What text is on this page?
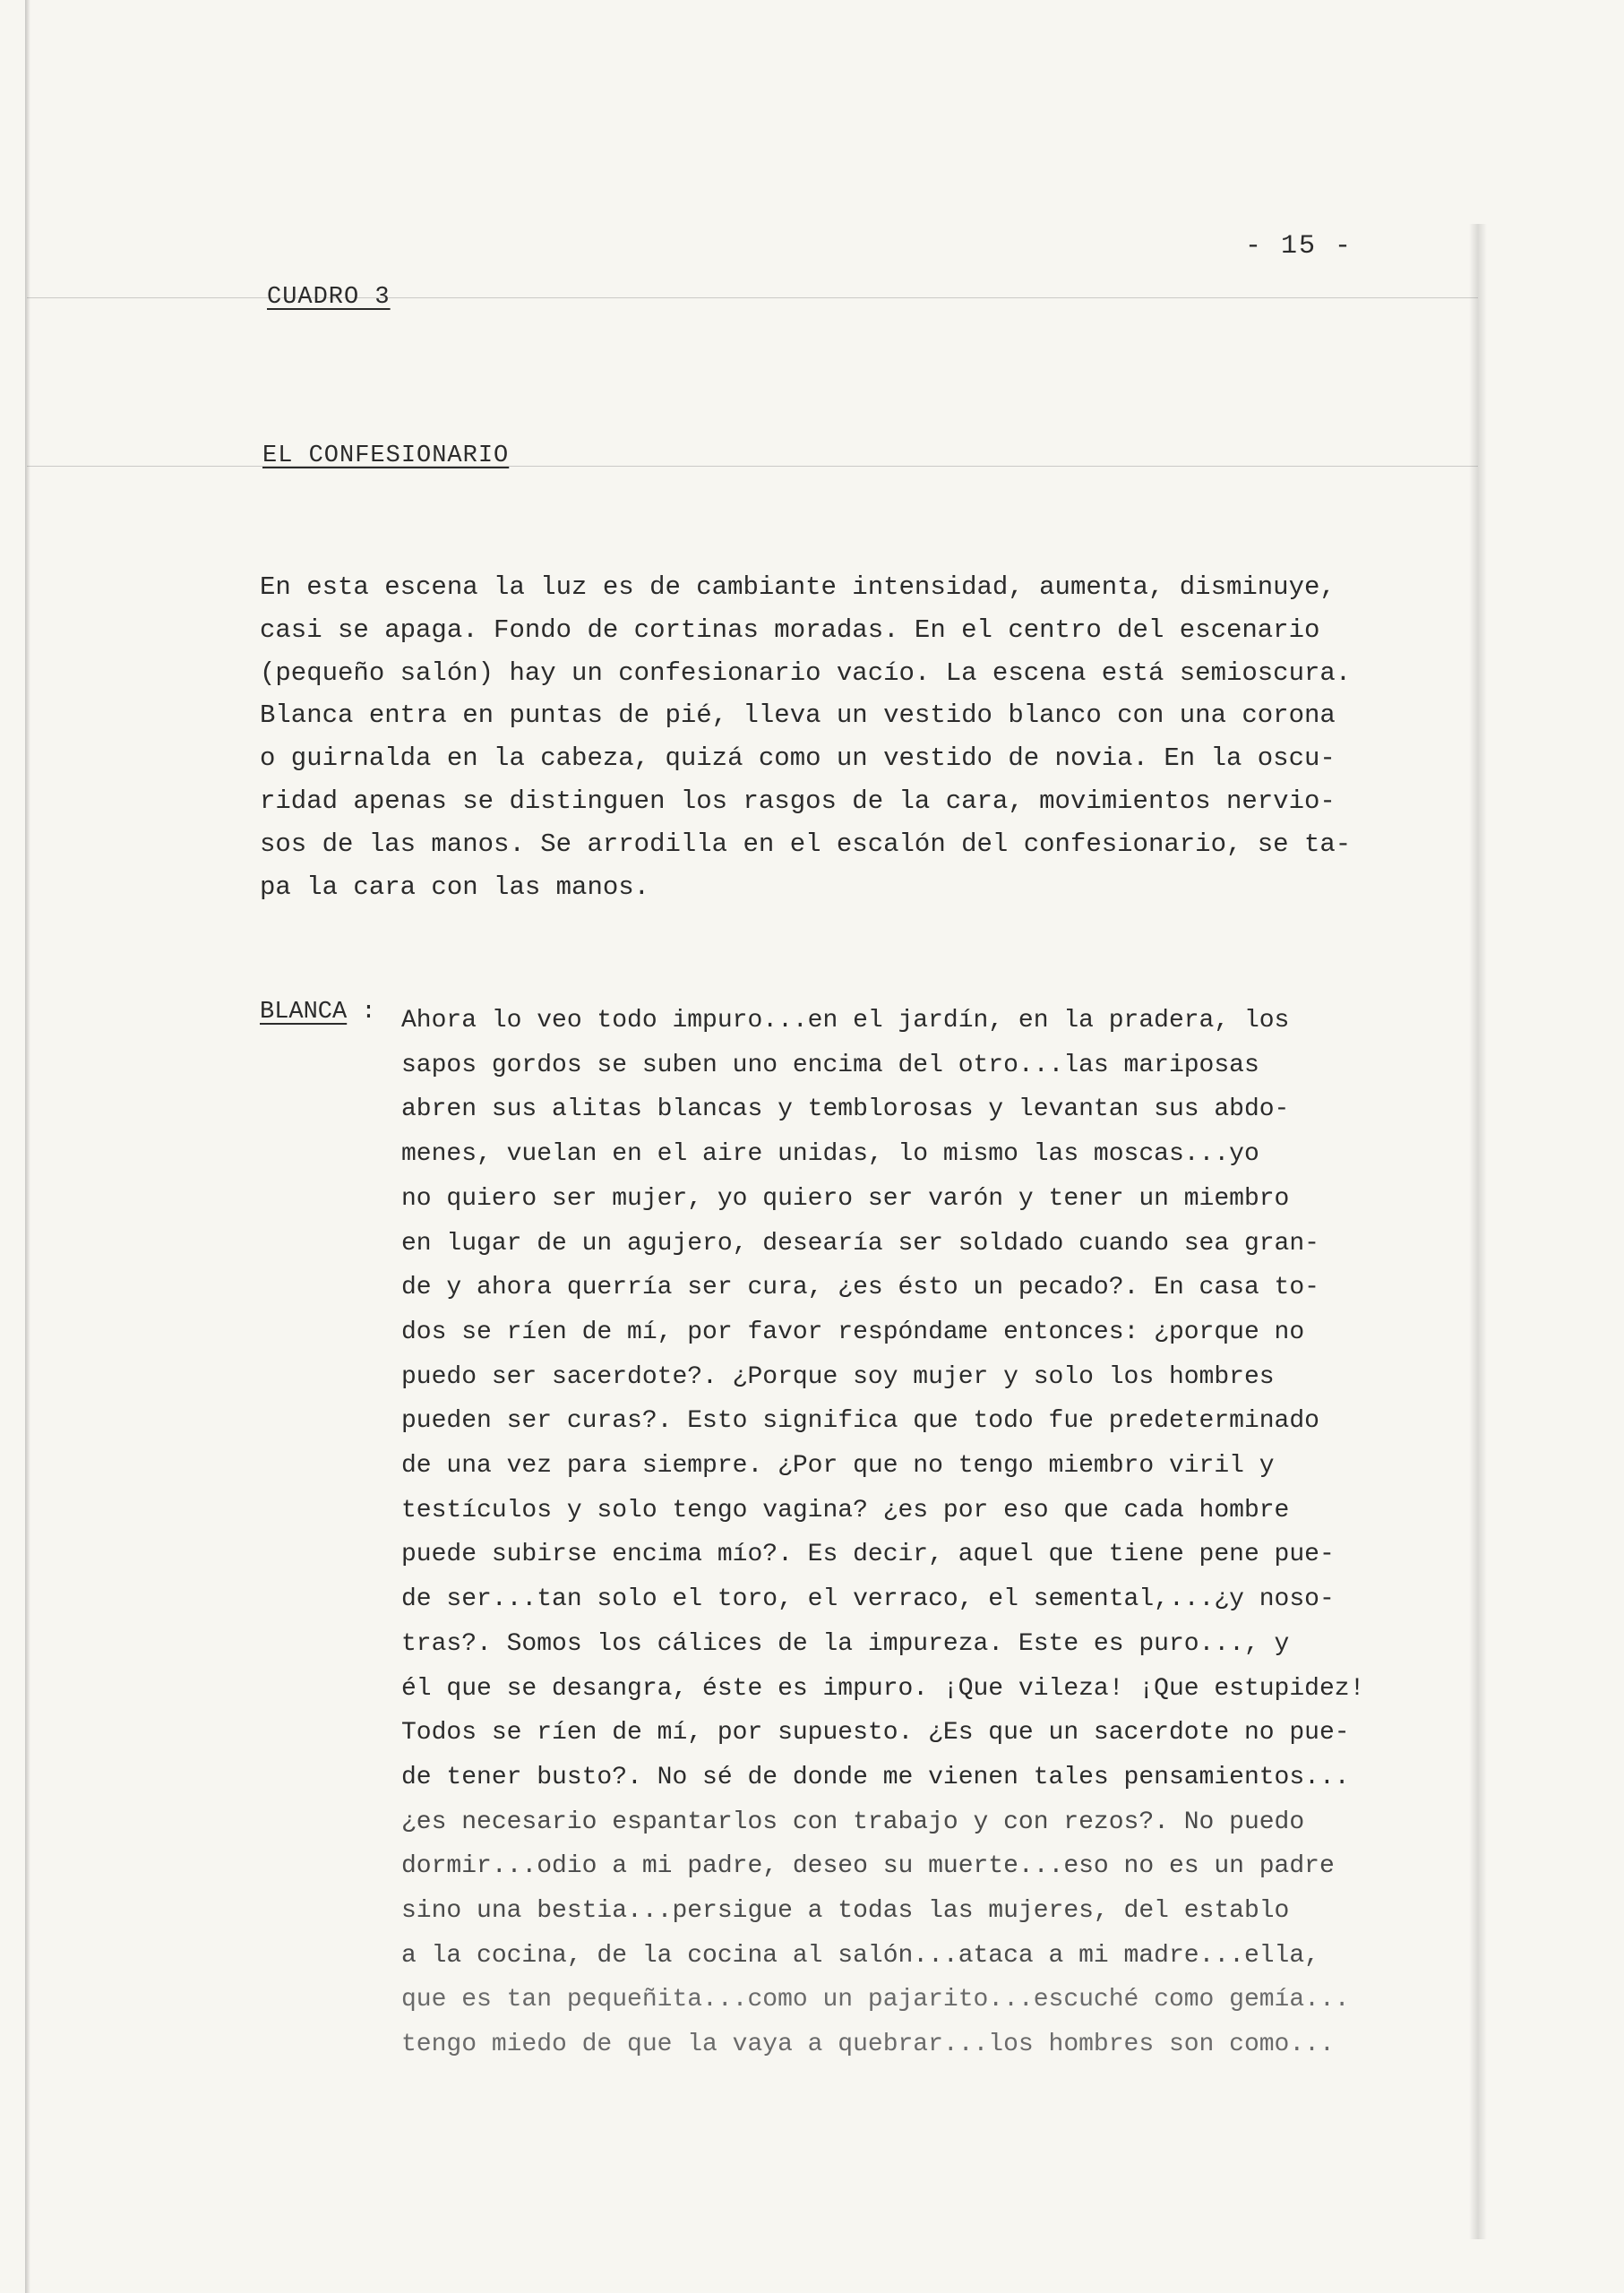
- 15 -
CUADRO 3
EL CONFESIONARIO
En esta escena la luz es de cambiante intensidad, aumenta, disminuye,
casi se apaga. Fondo de cortinas moradas. En el centro del escenario
(pequeño salón) hay un confesionario vacío. La escena está semioscura.
Blanca entra en puntas de pié, lleva un vestido blanco con una corona
o guirnalda en la cabeza, quizá como un vestido de novia. En la oscu-
ridad apenas se distinguen los rasgos de la cara, movimientos nervio-
sos de las manos. Se arrodilla en el escalón del confesionario, se ta-
pa la cara con las manos.
BLANCA : Ahora lo veo todo impuro...en el jardín, en la pradera, los
sapos gordos se suben uno encima del otro...las mariposas
abren sus alitas blancas y temblorosas y levantan sus abdo-
menes, vuelan en el aire unidas, lo mismo las moscas...yo
no quiero ser mujer, yo quiero ser varón y tener un miembro
en lugar de un agujero, desearía ser soldado cuando sea gran-
de y ahora querría ser cura, ¿es ésto un pecado?. En casa to-
dos se ríen de mí, por favor respóndame entonces: ¿porque no
puedo ser sacerdote?. ¿Porque soy mujer y solo los hombres
pueden ser curas?. Esto significa que todo fue predeterminado
de una vez para siempre. ¿Por que no tengo miembro viril y
testículos y solo tengo vagina? ¿es por eso que cada hombre
puede subirse encima mío?. Es decir, aquel que tiene pene pue-
de ser...tan solo el toro, el verraco, el semental,...¿y noso-
tras?. Somos los cálices de la impureza. Este es puro..., y
él que se desangra, éste es impuro. ¡Que vileza! ¡Que estupidez!
Todos se ríen de mí, por supuesto. ¿Es que un sacerdote no pue-
de tener busto?. No sé de donde me vienen tales pensamientos...
¿es necesario espantarlos con trabajo y con rezos?. No puedo
dormir...odio a mi padre, deseo su muerte...eso no es un padre
sino una bestia...persigue a todas las mujeres, del establo
a la cocina, de la cocina al salón...ataca a mi madre...ella,
que es tan pequeñita...como un pajarito...escuché como gemía...
tengo miedo de que la vaya a quebrar...los hombres son como...
